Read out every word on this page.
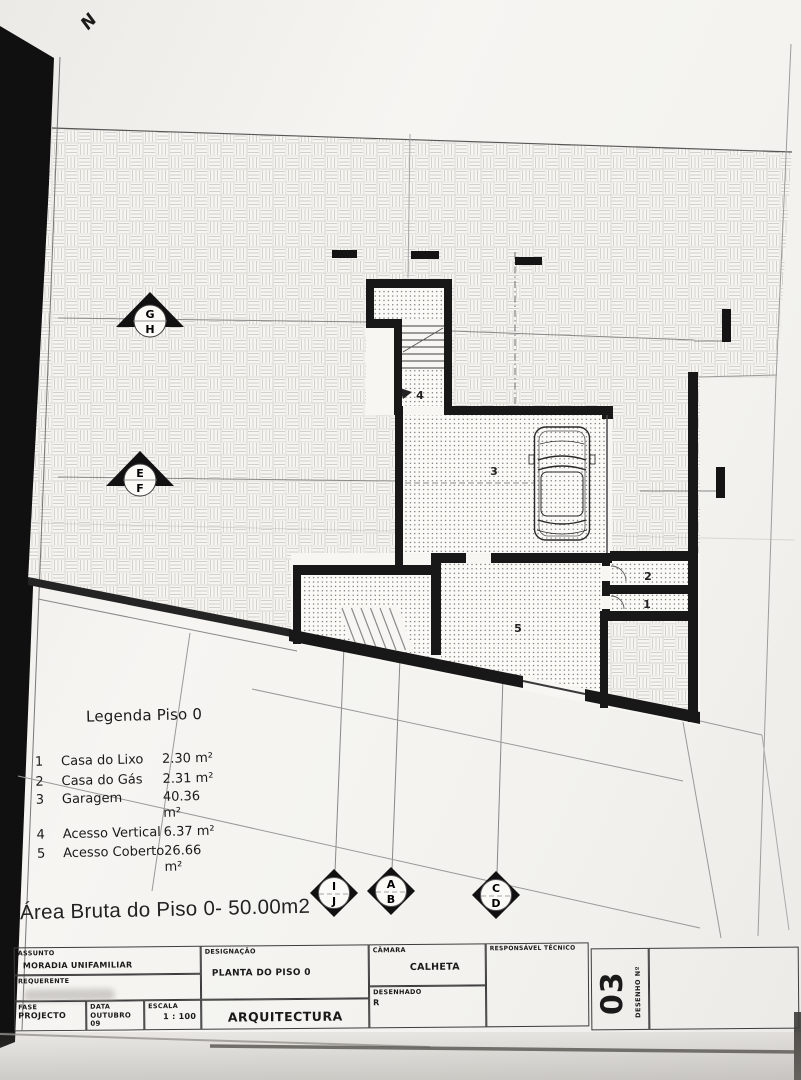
1
2
3
4
5
G
H
E
F
I
J
A
B
C
D
N
Legenda Piso 0
1 Casa do Lixo 2.30 m²
2 Casa do Gás 2.31 m²
3 Garagem	40.36 m²
4 Acesso Vertical 6.37 m²
5 Acesso Coberto 26.66 m²
Área Bruta do Piso 0- 50.00m2
ASSUNTO
MORADIA UNIFAMILIAR
REQUERENTE
FASE
PROJECTO
DATA
OUTUBRO 09
ESCALA
1 : 100
DESIGNAÇÃO
PLANTA DO PISO 0
ARQUITECTURA
CÂMARA
CALHETA
DESENHADO
R
RESPONSÁVEL TÉCNICO
03 DESENHO Nº
